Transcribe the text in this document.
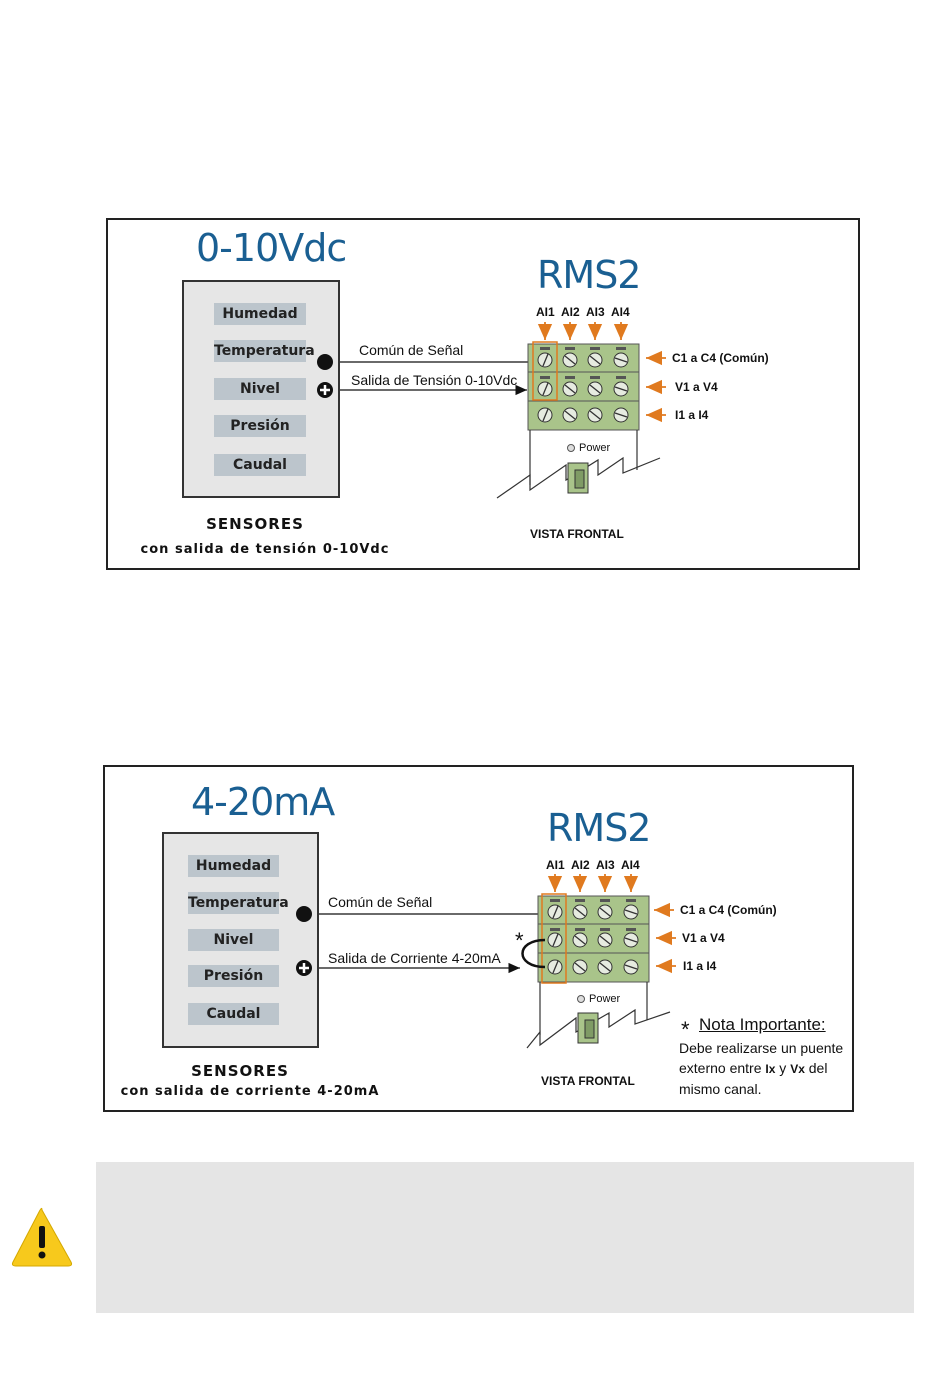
0-10Vdc
RMS2
Humedad
Temperatura
Nivel
Presión
Caudal
SENSORES
con salida de tensión 0-10Vdc
Común de Señal
Salida de Tensión 0-10Vdc
AI1 AI2 AI3 AI4
C1 a C4 (Común)
V1 a V4
I1 a I4
Power
VISTA FRONTAL
4-20mA
RMS2
Humedad
Temperatura
Nivel
Presión
Caudal
SENSORES
con salida de corriente 4-20mA
Común de Señal
Salida de Corriente 4-20mA
AI1 AI2 AI3 AI4
C1 a C4 (Común)
V1 a V4
I1 a I4
Power
VISTA FRONTAL
Nota Importante:
Debe realizarse un puente
externo entre Ix y Vx del
mismo canal.
*
*
